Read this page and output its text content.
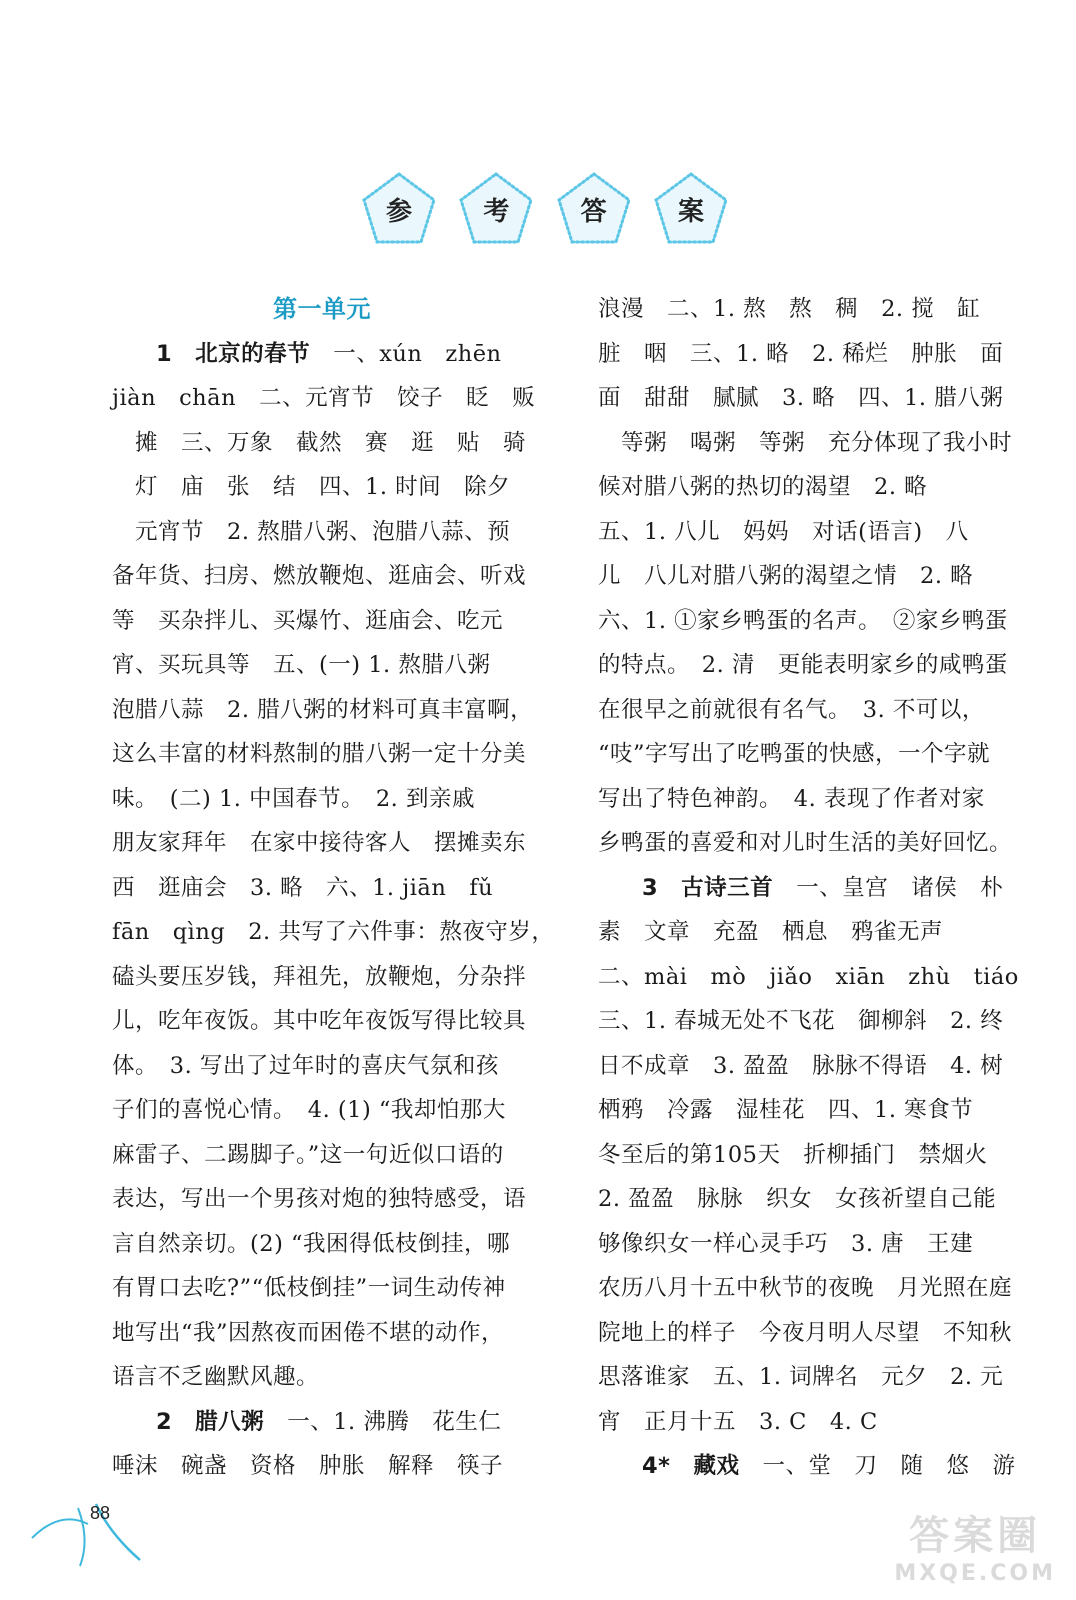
参	考	答	案
第一单元
1　 北京的春节　 一、xún　zhēn
jiàn　chān　二、元宵节　饺子　眨　贩
　摊　三、万象　截然　赛　逛　贴　骑
　灯　庙　张　结　四、1. 时间　除夕
　元宵节　2. 熬腊八粥、泡腊八蒜、预
备年货、扫房、燃放鞭炮、逛庙会、听戏
等　买杂拌儿、买爆竹、逛庙会、吃元
宵、买玩具等　五、(一) 1. 熬腊八粥
泡腊八蒜　2. 腊八粥的材料可真丰富啊，
这么丰富的材料熬制的腊八粥一定十分美
味。　(二) 1. 中国春节。　2. 到亲戚
朋友家拜年　在家中接待客人　摆摊卖东
西　逛庙会　3. 略　六、1. jiān　fǔ
fān　qìng　2. 共写了六件事：熬夜守岁，
磕头要压岁钱，拜祖先，放鞭炮，分杂拌
儿，吃年夜饭。其中吃年夜饭写得比较具
体。　3. 写出了过年时的喜庆气氛和孩
子们的喜悦心情。　4. (1) “我却怕那大
麻雷子、二踢脚子。”这一句近似口语的
表达，写出一个男孩对炮的独特感受，语
言自然亲切。(2) “我困得低枝倒挂，哪
有胃口去吃?”“低枝倒挂”一词生动传神
地写出“我”因熬夜而困倦不堪的动作，
语言不乏幽默风趣。
2　 腊八粥　 一、1. 沸腾　花生仁
唾沫　碗盏　资格　肿胀　解释　筷子
浪漫　二、1. 熬　熬　稠　2. 搅　缸
脏　咽　三、1. 略　2. 稀烂　肿胀　面
面　甜甜　腻腻　3. 略　四、1. 腊八粥
　等粥　喝粥　等粥　充分体现了我小时
候对腊八粥的热切的渴望　2. 略
五、1. 八儿　妈妈　对话(语言)　八
儿　八儿对腊八粥的渴望之情　2. 略
六、1. ①家乡鸭蛋的名声。　②家乡鸭蛋
的特点。　2. 清　更能表明家乡的咸鸭蛋
在很早之前就很有名气。　3. 不可以，
“吱”字写出了吃鸭蛋的快感，一个字就
写出了特色神韵。　4. 表现了作者对家
乡鸭蛋的喜爱和对儿时生活的美好回忆。
3　 古诗三首　 一、皇宫　诸侯　朴
素　文章　充盈　栖息　鸦雀无声
二、mài　mò　jiǎo　xiān　zhù　tiáo
三、1. 春城无处不飞花　御柳斜　2. 终
日不成章　3. 盈盈　脉脉不得语　4. 树
栖鸦　冷露　湿桂花　四、1. 寒食节
冬至后的第105天　折柳插门　禁烟火
2. 盈盈　脉脉　织女　女孩祈望自己能
够像织女一样心灵手巧　3. 唐　王建
农历八月十五中秋节的夜晚　月光照在庭
院地上的样子　今夜月明人尽望　不知秋
思落谁家　五、1. 词牌名　元夕　2. 元
宵　正月十五　3. C　4. C
4*　 藏戏　 一、堂　刀　随　悠　游
88	答案圈
MXQE.COM
